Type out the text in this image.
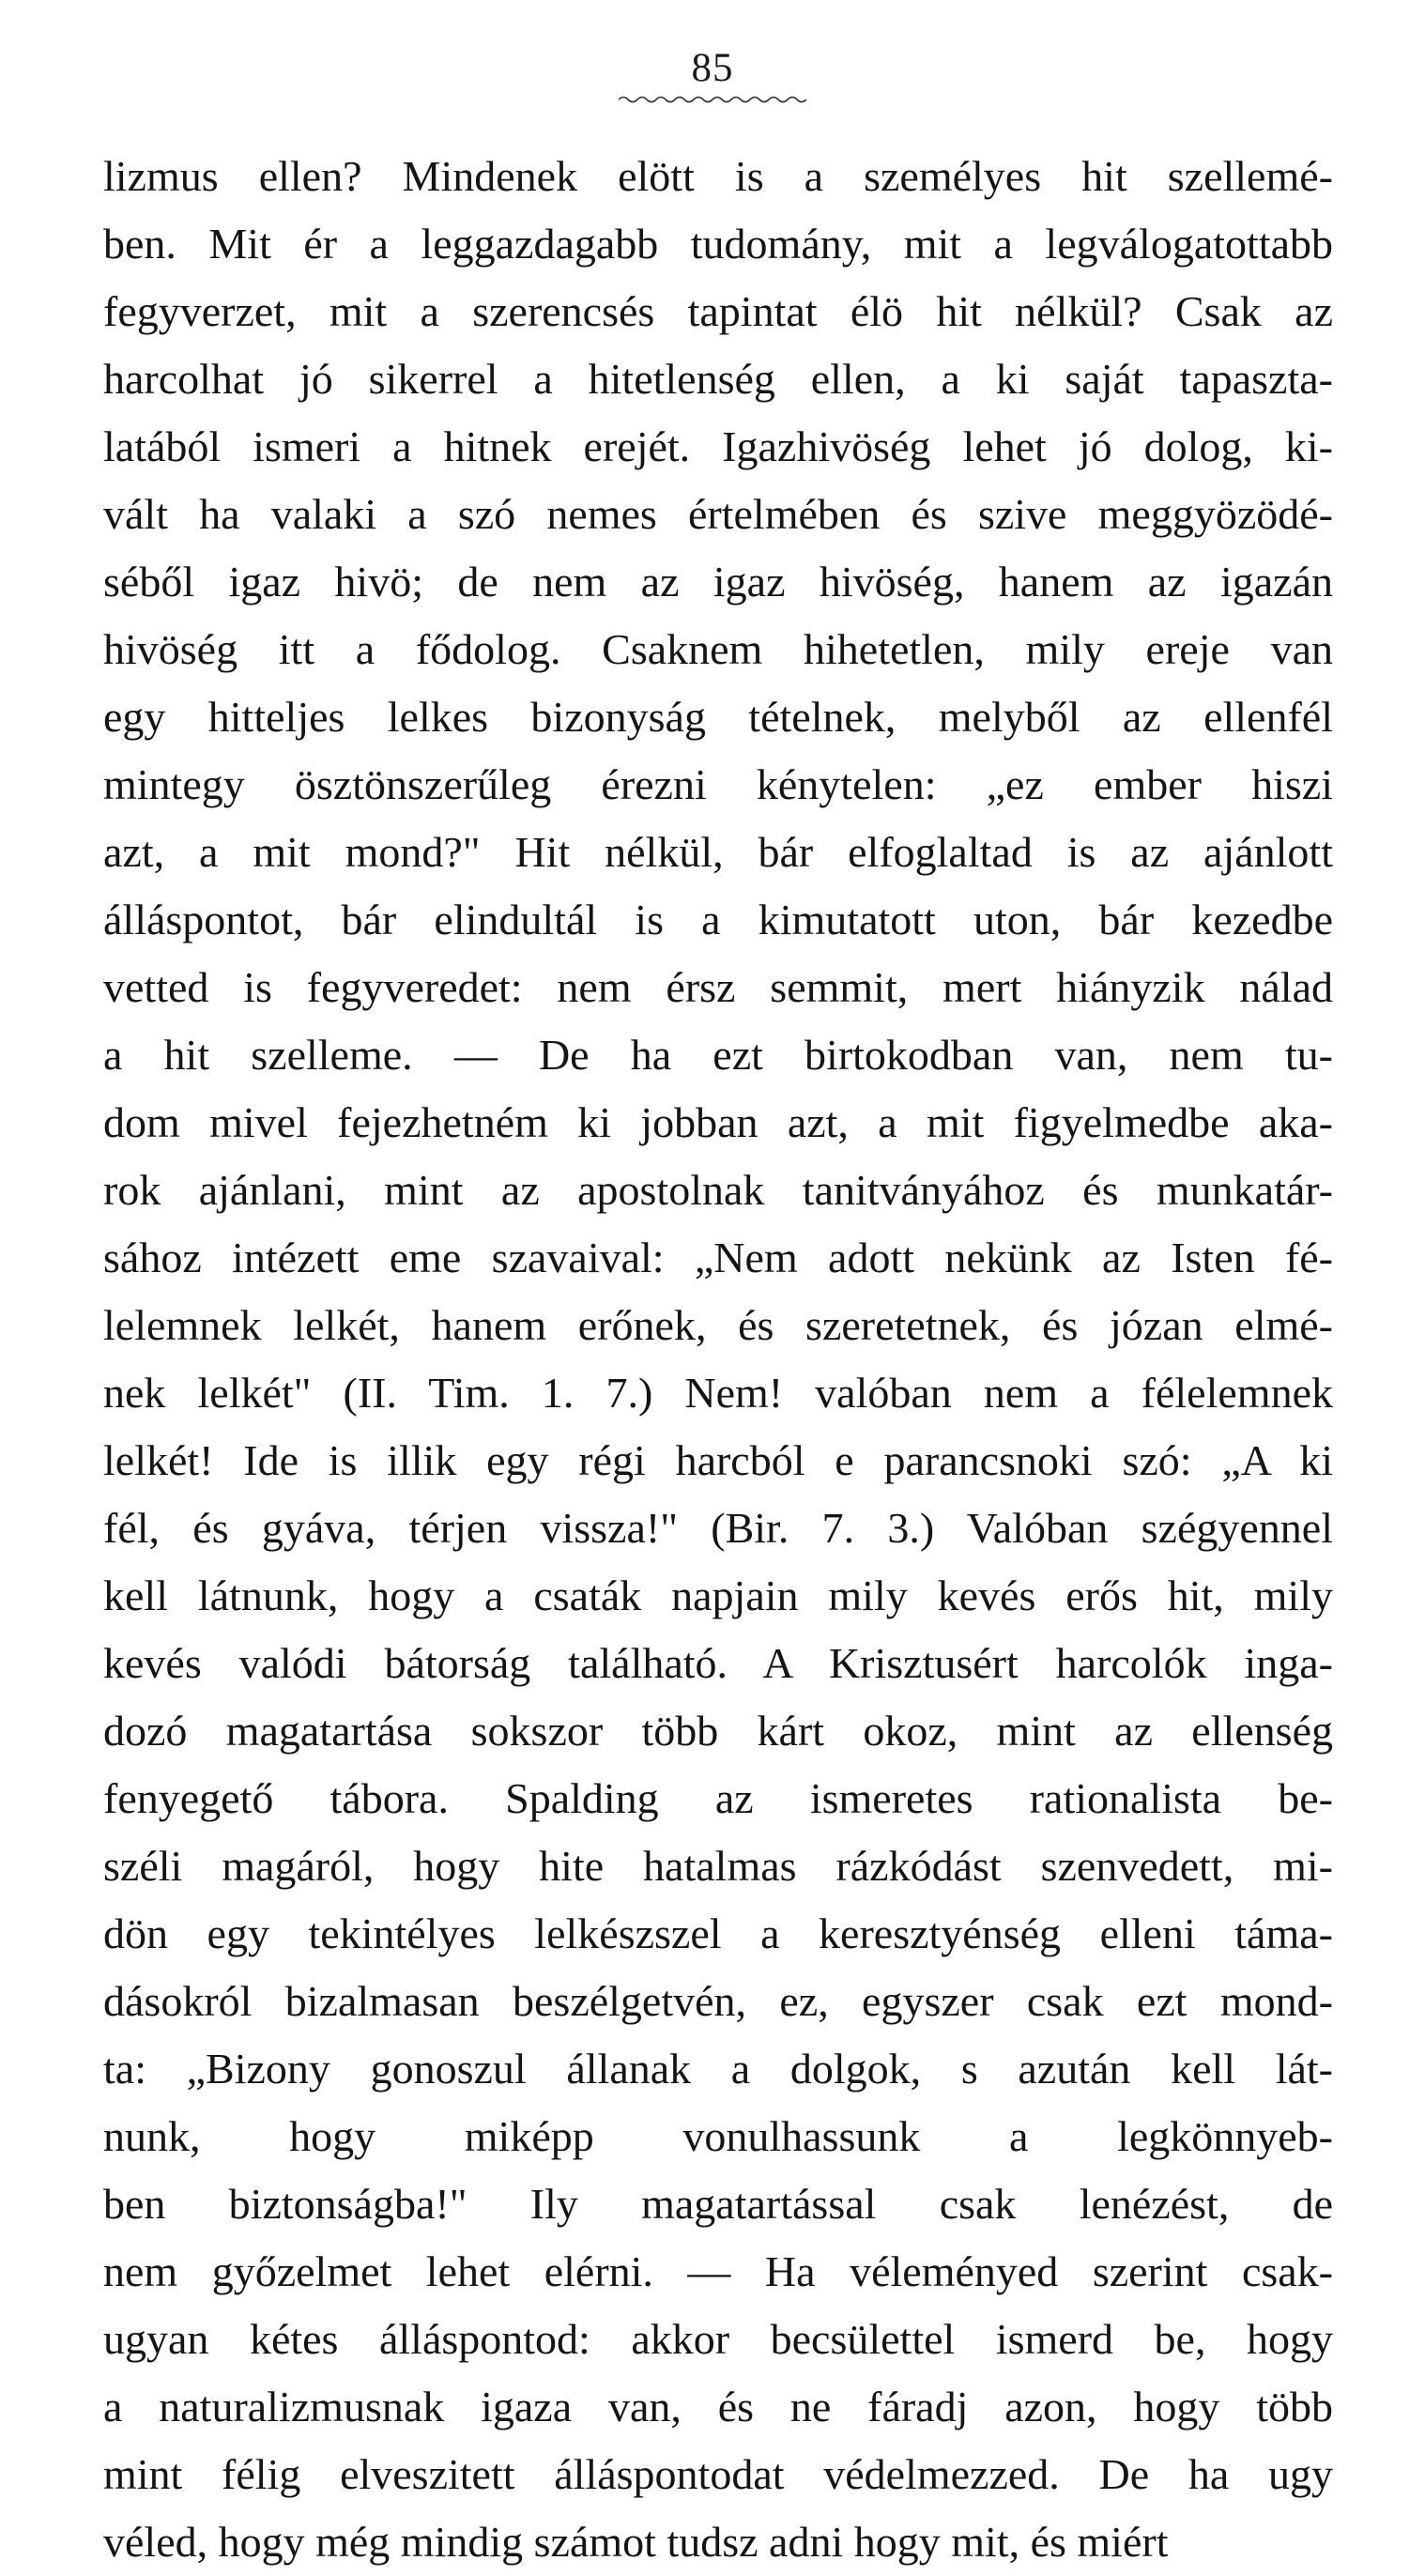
85
lizmus ellen? Mindenek elött is a személyes hit szellemé-
ben. Mit ér a leggazdagabb tudomány, mit a legválogatottabb
fegyverzet, mit a szerencsés tapintat élö hit nélkül? Csak az
harcolhat jó sikerrel a hitetlenség ellen, a ki saját tapaszta-
latából ismeri a hitnek erejét. Igazhivöség lehet jó dolog, ki-
vált ha valaki a szó nemes értelmében és szive meggyözödé-
séből igaz hivö; de nem az igaz hivöség, hanem az igazán
hivöség itt a fődolog. Csaknem hihetetlen, mily ereje van
egy hitteljes lelkes bizonyság tételnek, melyből az ellenfél
mintegy ösztönszerűleg érezni kénytelen: „ez ember hiszi
azt, a mit mond?" Hit nélkül, bár elfoglaltad is az ajánlott
álláspontot, bár elindultál is a kimutatott uton, bár kezedbe
vetted is fegyveredet: nem érsz semmit, mert hiányzik nálad
a hit szelleme. — De ha ezt birtokodban van, nem tu-
dom mivel fejezhetném ki jobban azt, a mit figyelmedbe aka-
rok ajánlani, mint az apostolnak tanitványához és munkatár-
sához intézett eme szavaival: „Nem adott nekünk az Isten fé-
lelemnek lelkét, hanem erőnek, és szeretetnek, és józan elmé-
nek lelkét" (II. Tim. 1. 7.) Nem! valóban nem a félelemnek
lelkét! Ide is illik egy régi harcból e parancsnoki szó: „A ki
fél, és gyáva, térjen vissza!" (Bir. 7. 3.) Valóban szégyennel
kell látnunk, hogy a csaták napjain mily kevés erős hit, mily
kevés valódi bátorság található. A Krisztusért harcolók inga-
dozó magatartása sokszor több kárt okoz, mint az ellenség
fenyegető tábora. Spalding az ismeretes rationalista be-
széli magáról, hogy hite hatalmas rázkódást szenvedett, mi-
dön egy tekintélyes lelkészszel a keresztyénség elleni táma-
dásokról bizalmasan beszélgetvén, ez, egyszer csak ezt mond-
ta: „Bizony gonoszul állanak a dolgok, s azután kell lát-
nunk, hogy miképp vonulhassunk a legkönnyeb-
ben biztonságba!" Ily magatartással csak lenézést, de
nem győzelmet lehet elérni. — Ha véleményed szerint csak-
ugyan kétes álláspontod: akkor becsülettel ismerd be, hogy
a naturalizmusnak igaza van, és ne fáradj azon, hogy több
mint félig elveszitett álláspontodat védelmezzed. De ha ugy
véled, hogy még mindig számot tudsz adni hogy mit, és miért
